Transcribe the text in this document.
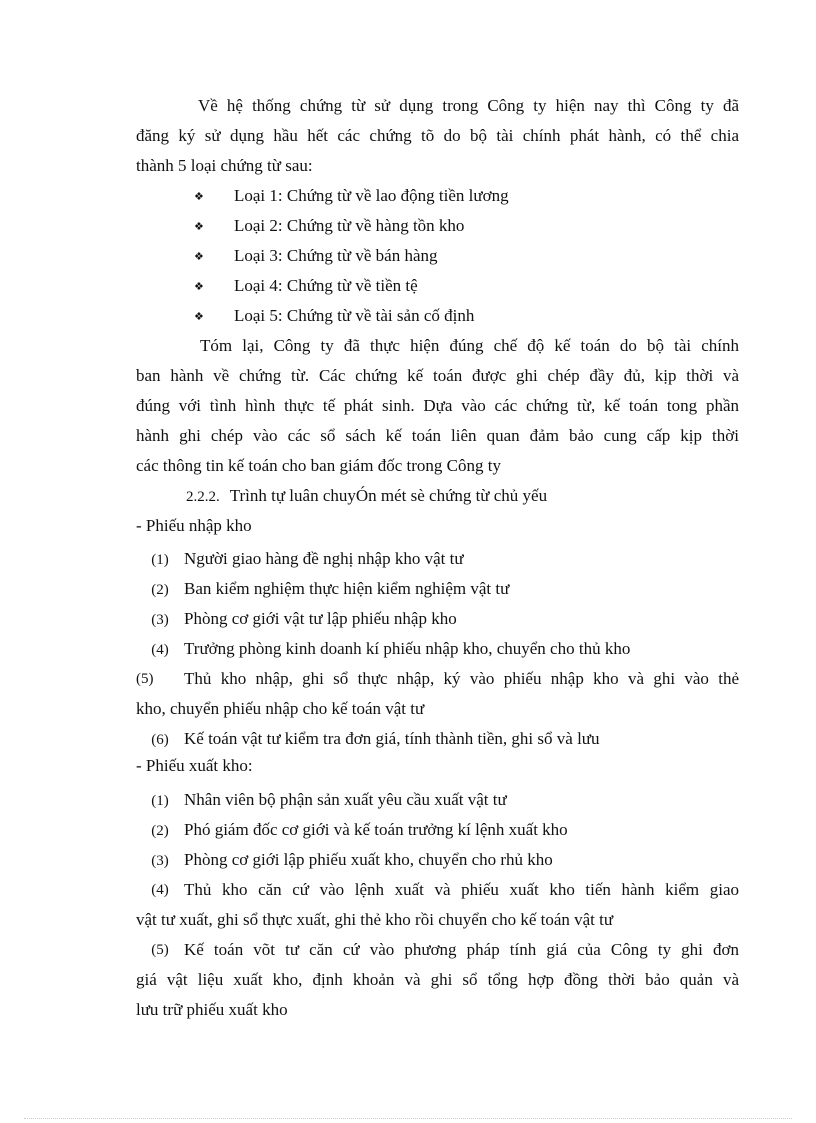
Về hệ thống chứng từ sử dụng trong Công ty hiện nay thì Công ty đã
đăng ký sử dụng hầu hết các chứng tõ do bộ tài chính phát hành, có thể chia
thành 5 loại chứng từ sau:
❖ Loại 1: Chứng từ về lao động tiền lương
❖ Loại 2: Chứng từ về hàng tồn kho
❖ Loại 3: Chứng từ về bán hàng
❖ Loại 4: Chứng từ về tiền tệ
❖ Loại 5: Chứng từ về tài sản cố định
Tóm lại, Công ty đã thực hiện đúng chế độ kế toán do bộ tài chính
ban hành về chứng từ. Các chứng kế toán được ghi chép đầy đủ, kịp thời và
đúng với tình hình thực tế phát sinh. Dựa vào các chứng từ, kế toán tong phần
hành ghi chép vào các sổ sách kế toán liên quan đảm bảo cung cấp kịp thời
các thông tin kế toán cho ban giám đốc trong Công ty
2.2.2. Trình tự luân chuyÓn mét sè chứng từ chủ yếu
- Phiếu nhập kho
(1) Người giao hàng đề nghị nhập kho vật tư
(2) Ban kiểm nghiệm thực hiện kiểm nghiệm vật tư
(3) Phòng cơ giới vật tư lập phiếu nhập kho
(4) Trưởng phòng kinh doanh kí phiếu nhập kho, chuyển cho thủ kho
(5)	Thủ kho nhập, ghi sổ thực nhập, ký vào phiếu nhập kho và ghi vào thẻ
kho, chuyển phiếu nhập cho kế toán vật tư
(6) Kế toán vật tư kiểm tra đơn giá, tính thành tiền, ghi sổ và lưu
- Phiếu xuất kho:
(1) Nhân viên bộ phận sản xuất yêu cầu xuất vật tư
(2) Phó giám đốc cơ giới và kế toán trưởng kí lệnh xuất kho
(3) Phòng cơ giới lập phiếu xuất kho, chuyển cho rhủ kho
(4) Thủ kho căn cứ vào lệnh xuất và phiếu xuất kho tiến hành kiểm giao
vật tư xuất, ghi sổ thực xuất, ghi thẻ kho rồi chuyển cho kế toán vật tư
(5) Kế toán võt tư căn cứ vào phương pháp tính giá của Công ty ghi đơn
giá vật liệu xuất kho, định khoản và ghi sổ tổng hợp đồng thời bảo quản và
lưu trữ phiếu xuất kho
